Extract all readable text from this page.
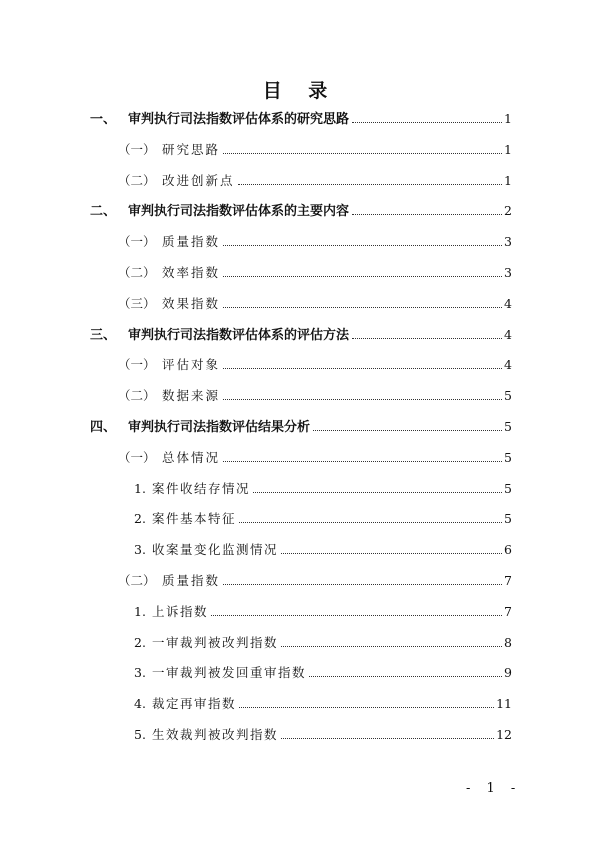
目 录
一、 审判执行司法指数评估体系的研究思路	1
（一） 研究思路	1
（二） 改进创新点	1
二、 审判执行司法指数评估体系的主要内容	2
（一） 质量指数	3
（二） 效率指数	3
（三） 效果指数	4
三、 审判执行司法指数评估体系的评估方法	4
（一） 评估对象	4
（二） 数据来源	5
四、 审判执行司法指数评估结果分析	5
（一） 总体情况	5
1. 案件收结存情况	5
2. 案件基本特征	5
3. 收案量变化监测情况	6
（二） 质量指数	7
1. 上诉指数	7
2. 一审裁判被改判指数	8
3. 一审裁判被发回重审指数	9
4. 裁定再审指数	11
5. 生效裁判被改判指数	12
- 1 -
